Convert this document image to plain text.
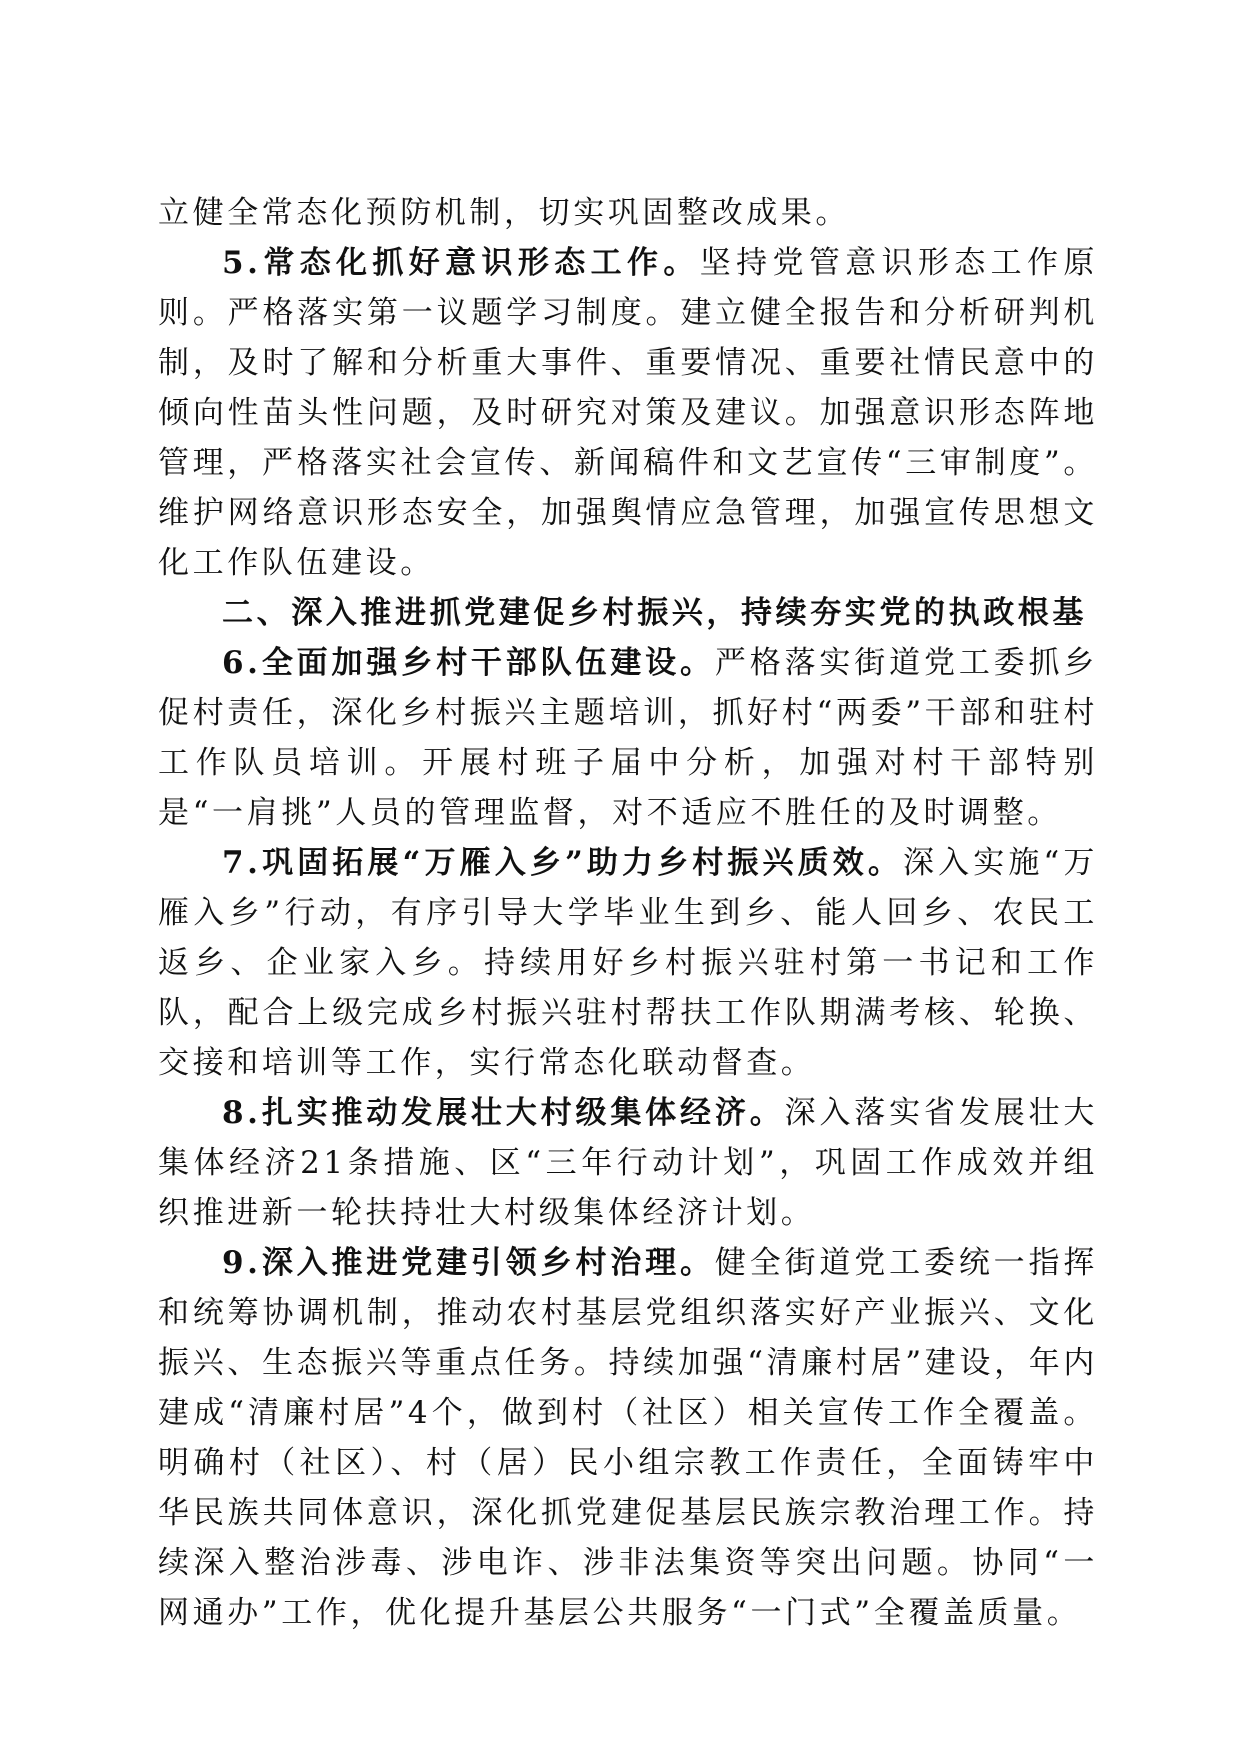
立健全常态化预防机制，切实巩固整改成果。

5.常态化抓好意识形态工作。坚持党管意识形态工作原则。严格落实第一议题学习制度。建立健全报告和分析研判机制，及时了解和分析重大事件、重要情况、重要社情民意中的倾向性苗头性问题，及时研究对策及建议。加强意识形态阵地管理，严格落实社会宣传、新闻稿件和文艺宣传“三审制度”。维护网络意识形态安全，加强舆情应急管理，加强宣传思想文化工作队伍建设。

二、深入推进抓党建促乡村振兴，持续夯实党的执政根基

6.全面加强乡村干部队伍建设。严格落实街道党工委抓乡促村责任，深化乡村振兴主题培训，抓好村“两委”干部和驻村工作队员培训。开展村班子届中分析，加强对村干部特别是“一肩挑”人员的管理监督，对不适应不胜任的及时调整。

7.巩固拓展“万雁入乡”助力乡村振兴质效。深入实施“万雁入乡”行动，有序引导大学毕业生到乡、能人回乡、农民工返乡、企业家入乡。持续用好乡村振兴驻村第一书记和工作队，配合上级完成乡村振兴驻村帮扶工作队期满考核、轮换、交接和培训等工作，实行常态化联动督查。

8.扎实推动发展壮大村级集体经济。深入落实省发展壮大集体经济21条措施、区“三年行动计划”，巩固工作成效并组织推进新一轮扶持壮大村级集体经济计划。

9.深入推进党建引领乡村治理。健全街道党工委统一指挥和统筹协调机制，推动农村基层党组织落实好产业振兴、文化振兴、生态振兴等重点任务。持续加强“清廉村居”建设，年内建成“清廉村居”4个，做到村（社区）相关宣传工作全覆盖。明确村（社区）、村（居）民小组宗教工作责任，全面铸牢中华民族共同体意识，深化抓党建促基层民族宗教治理工作。持续深入整治涉毒、涉电诈、涉非法集资等突出问题。协同“一网通办”工作，优化提升基层公共服务“一门式”全覆盖质量。
